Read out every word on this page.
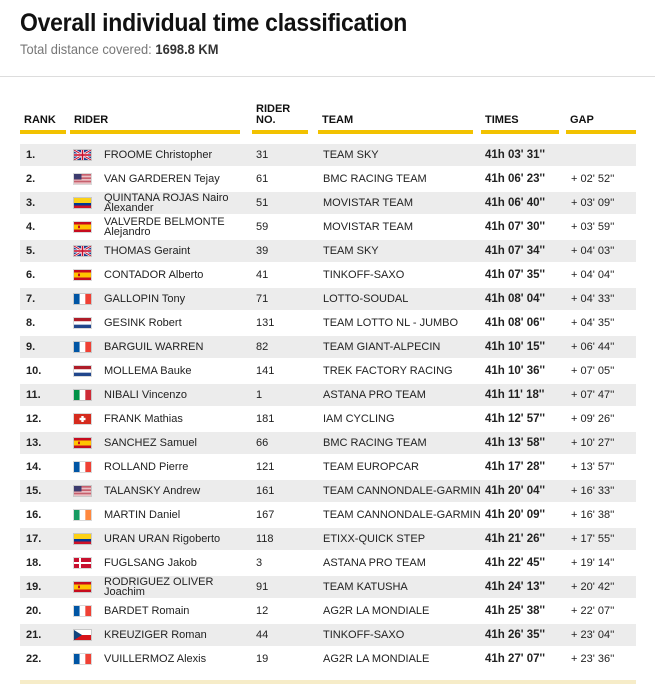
Overall individual time classification
Total distance covered: 1698.8 KM
RANK RIDER
RIDER
NO.	TEAM	TIMES	GAP
1.	FROOME Christopher	31	TEAM SKY	41h 03' 31''
2.	VAN GARDEREN Tejay	61	BMC RACING TEAM	41h 06' 23'' + 02' 52''
3.	QUINTANA ROJAS Nairo Alexander	51	MOVISTAR TEAM	41h 06' 40'' + 03' 09''
4.	VALVERDE BELMONTE Alejandro	59	MOVISTAR TEAM	41h 07' 30'' + 03' 59''
5.	THOMAS Geraint	39	TEAM SKY	41h 07' 34'' + 04' 03''
6.	CONTADOR Alberto	41	TINKOFF-SAXO	41h 07' 35'' + 04' 04''
7.	GALLOPIN Tony	71	LOTTO-SOUDAL	41h 08' 04'' + 04' 33''
8.	GESINK Robert	131	TEAM LOTTO NL - JUMBO 41h 08' 06'' + 04' 35''
9.	BARGUIL WARREN	82	TEAM GIANT-ALPECIN	41h 10' 15'' + 06' 44''
10.	MOLLEMA Bauke	141	TREK FACTORY RACING	41h 10' 36'' + 07' 05''
11.	NIBALI Vincenzo	1	ASTANA PRO TEAM	41h 11' 18'' + 07' 47''
12.	FRANK Mathias	181	IAM CYCLING	41h 12' 57'' + 09' 26''
13.	SANCHEZ Samuel	66	BMC RACING TEAM	41h 13' 58'' + 10' 27''
14.	ROLLAND Pierre	121	TEAM EUROPCAR	41h 17' 28'' + 13' 57''
15.	TALANSKY Andrew	161	TEAM CANNONDALE-GARMIN 41h 20' 04'' + 16' 33''
16.	MARTIN Daniel	167	TEAM CANNONDALE-GARMIN 41h 20' 09'' + 16' 38''
17.	URAN URAN Rigoberto	118	ETIXX-QUICK STEP	41h 21' 26'' + 17' 55''
18.	FUGLSANG Jakob	3	ASTANA PRO TEAM	41h 22' 45'' + 19' 14''
19.	RODRIGUEZ OLIVER Joachim	91	TEAM KATUSHA	41h 24' 13'' + 20' 42''
20.	BARDET Romain	12	AG2R LA MONDIALE	41h 25' 38'' + 22' 07''
21.	KREUZIGER Roman	44	TINKOFF-SAXO	41h 26' 35'' + 23' 04''
22.	VUILLERMOZ Alexis	19	AG2R LA MONDIALE	41h 27' 07'' + 23' 36''
